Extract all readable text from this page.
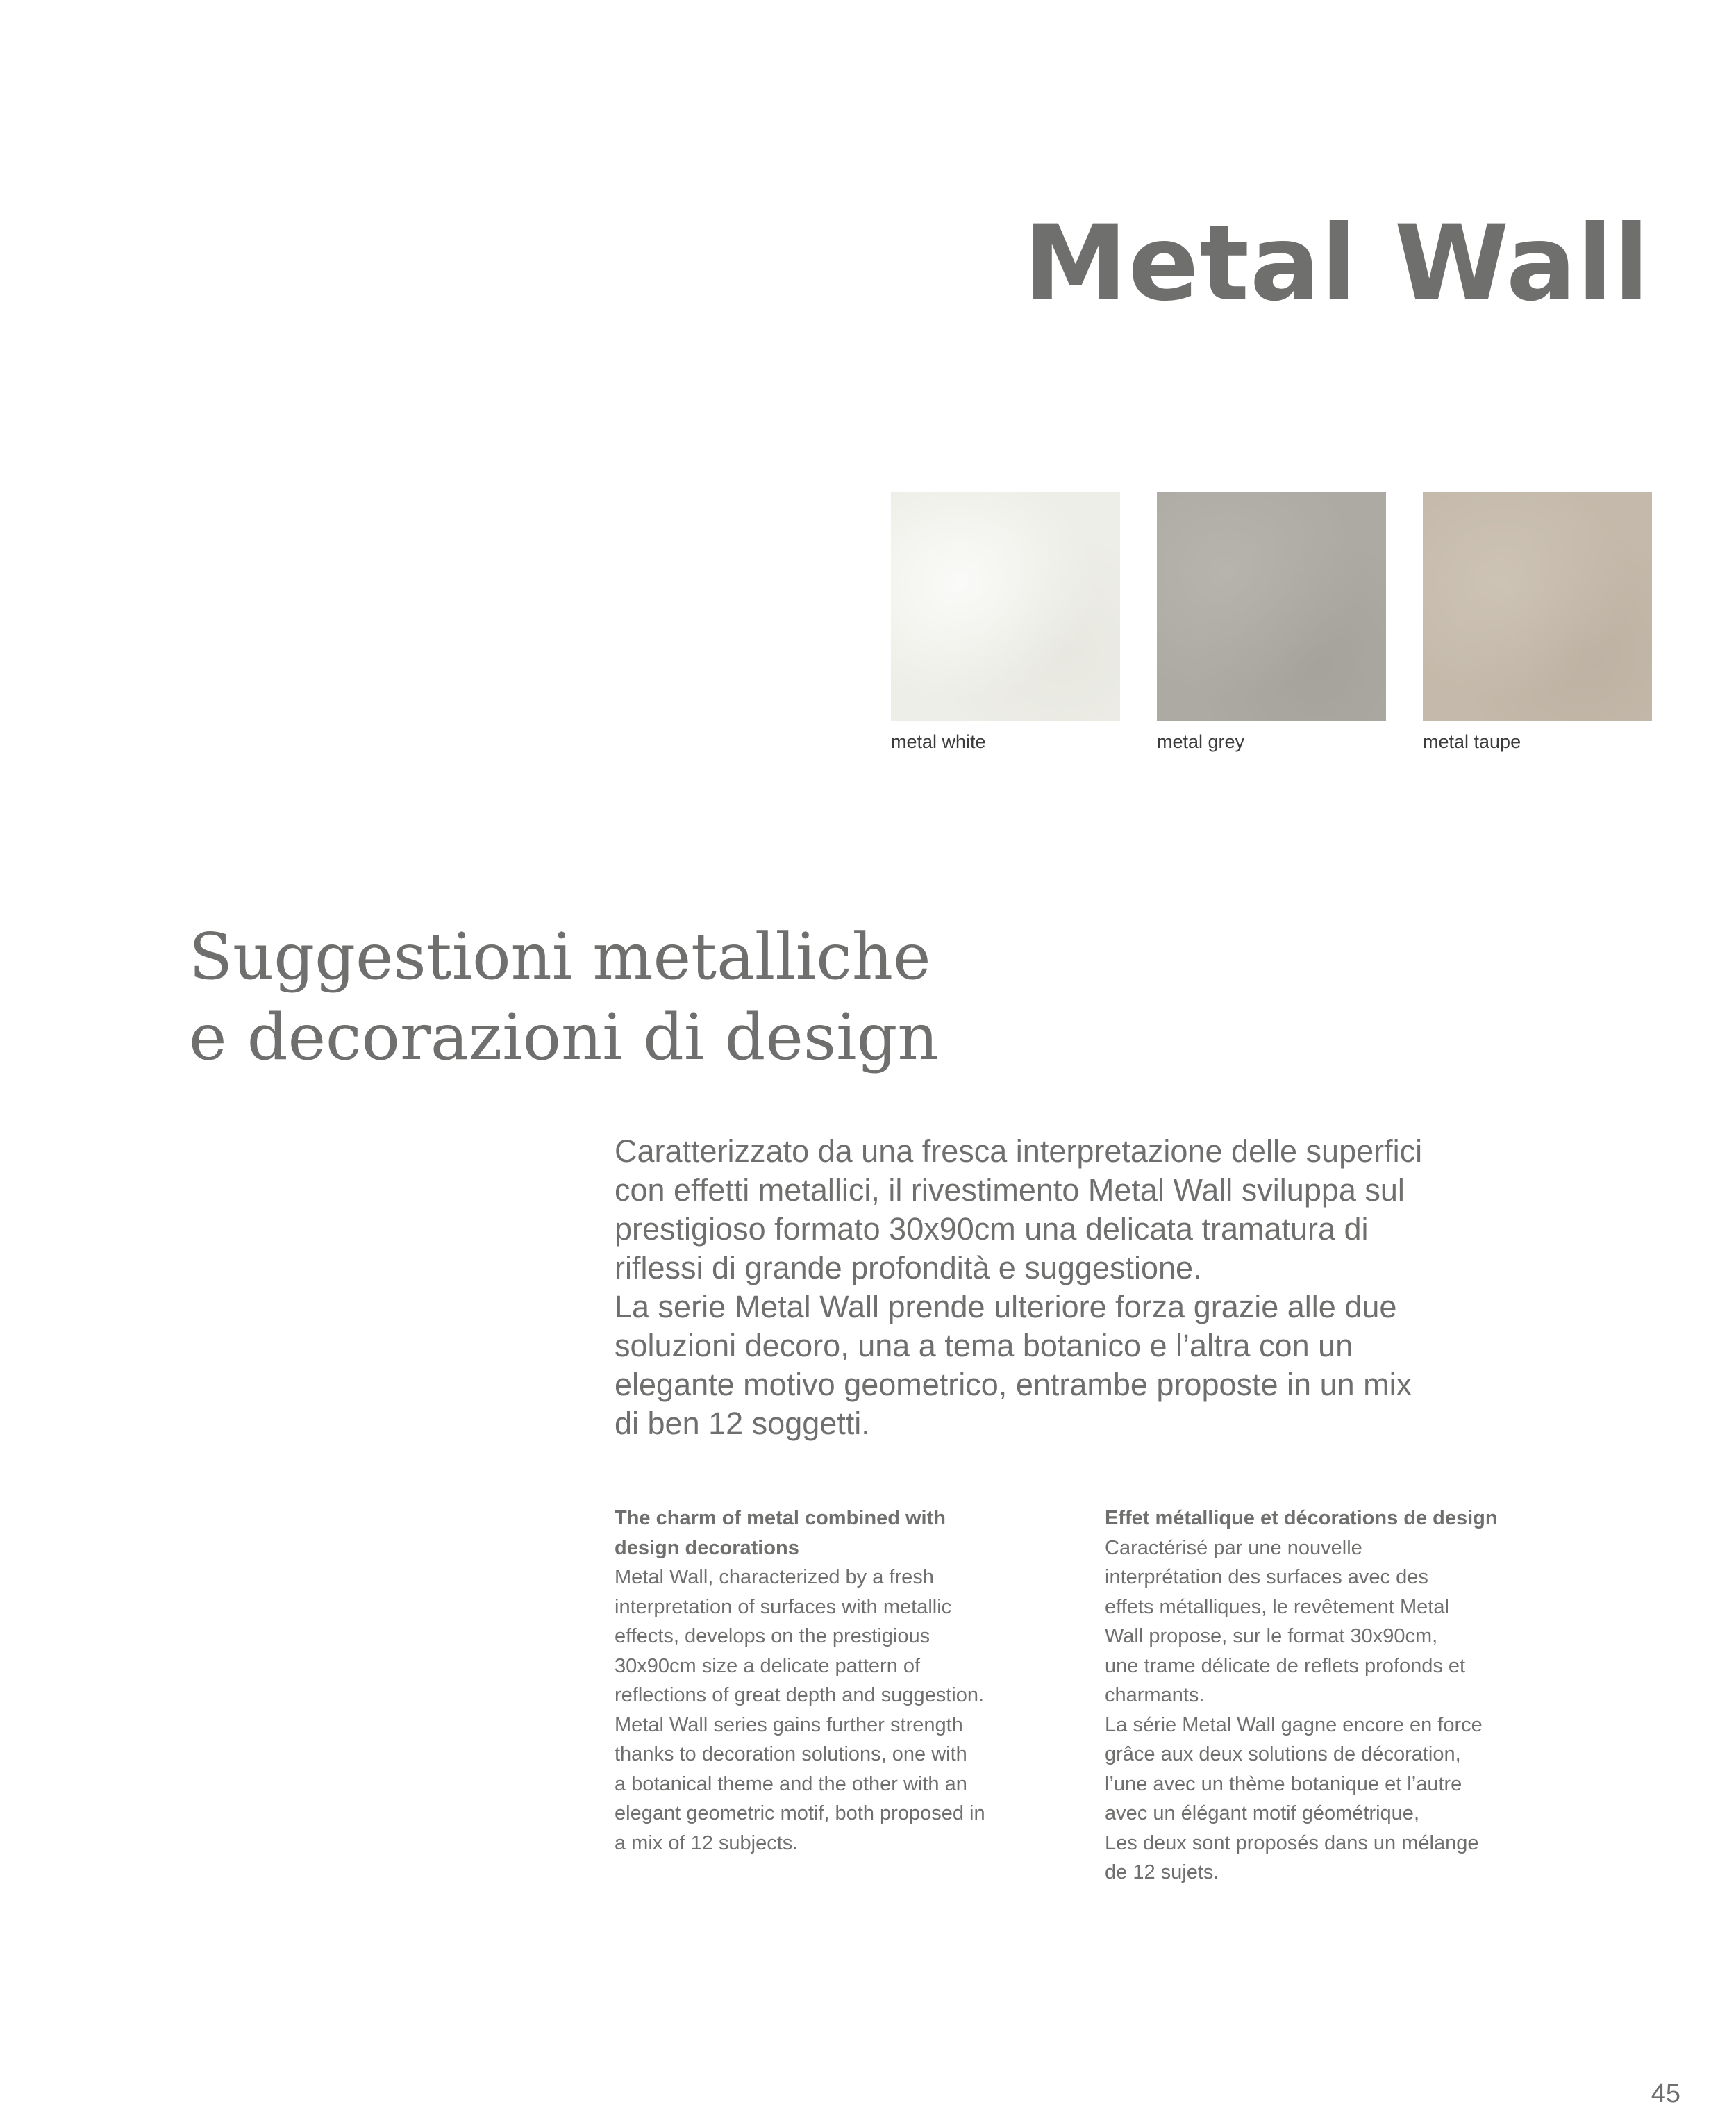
Metal Wall
metal white	metal grey	metal taupe
Suggestioni metalliche
e decorazioni di design

Caratterizzato da una fresca interpretazione delle superfici
con effetti metallici, il rivestimento Metal Wall sviluppa sul
prestigioso formato 30x90cm una delicata tramatura di
riflessi di grande profondità e suggestione.
La serie Metal Wall prende ulteriore forza grazie alle due
soluzioni decoro, una a tema botanico e l’altra con un
elegante motivo geometrico, entrambe proposte in un mix
di ben 12 soggetti.

The charm of metal combined with
design decorations
Metal Wall, characterized by a fresh
interpretation of surfaces with metallic
effects, develops on the prestigious
30x90cm size a delicate pattern of
reflections of great depth and suggestion.
Metal Wall series gains further strength
thanks to decoration solutions, one with
a botanical theme and the other with an
elegant geometric motif, both proposed in
a mix of 12 subjects.
Effet métallique et décorations de design
Caractérisé par une nouvelle
interprétation des surfaces avec des
effets métalliques, le revêtement Metal
Wall propose, sur le format 30x90cm,
une trame délicate de reflets profonds et
charmants.
La série Metal Wall gagne encore en force
grâce aux deux solutions de décoration,
l’une avec un thème botanique et l’autre
avec un élégant motif géométrique,
Les deux sont proposés dans un mélange
de 12 sujets.
45
